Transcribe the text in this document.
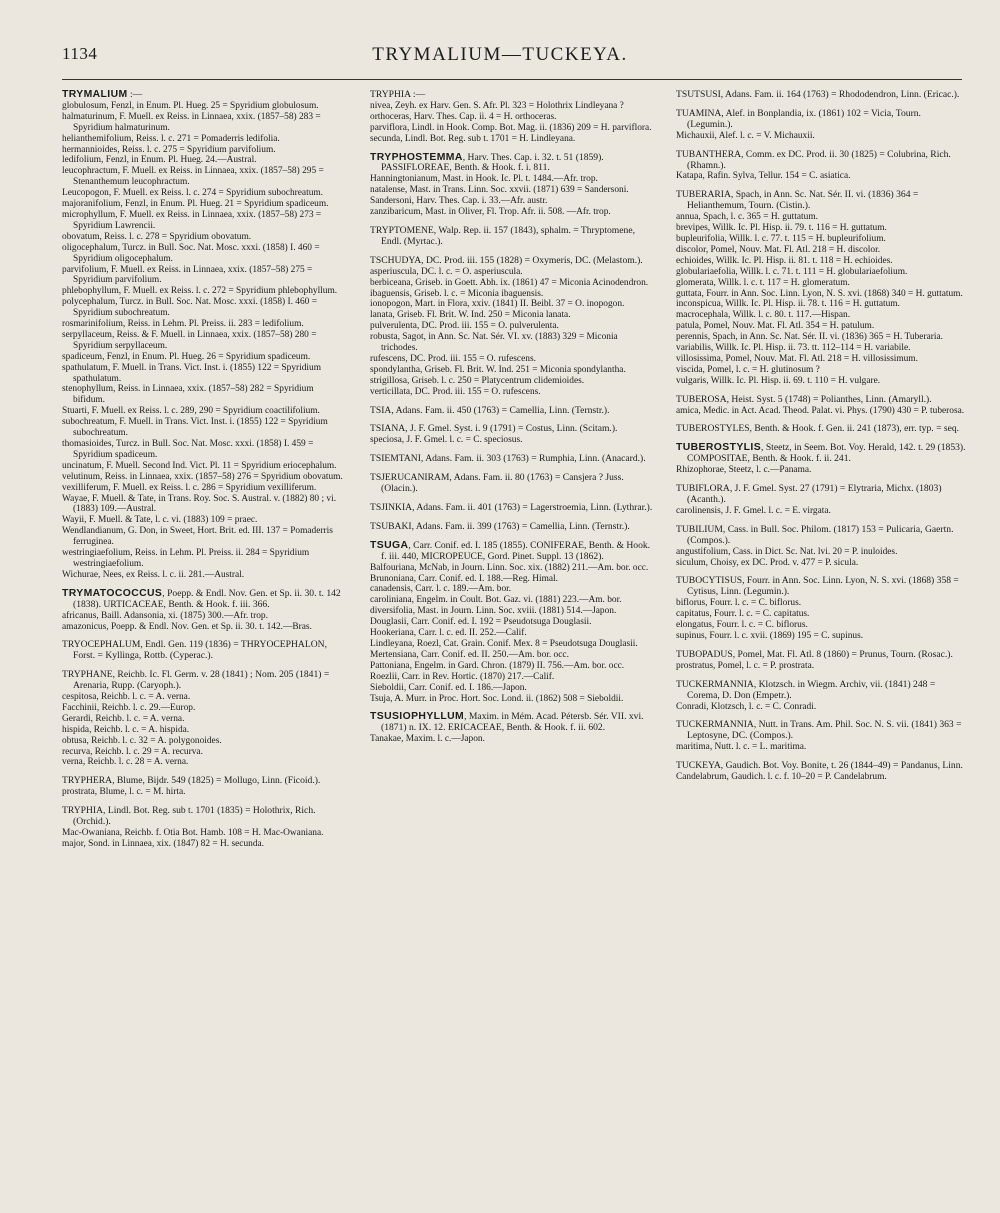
1134	TRYMALIUM—TUCKEYA.

TRYMALIUM :—

globulosum, Fenzl, in Enum. Pl. Hueg. 25 = Spyridium globulosum.

halmaturinum, F. Muell. ex Reiss. in Linnaea, xxix. (1857–58) 283 = Spyridium halmaturinum.

helianthemifolium, Reiss. l. c. 271 = Pomaderris ledifolia.

hermannioides, Reiss. l. c. 275 = Spyridium parvifolium.

ledifolium, Fenzl, in Enum. Pl. Hueg. 24.—Austral.

leucophractum, F. Muell. ex Reiss. in Linnaea, xxix. (1857–58) 295 = Stenanthemum leucophractum.

Leucopogon, F. Muell. ex Reiss. l. c. 274 = Spyridium subochreatum.

majoranifolium, Fenzl, in Enum. Pl. Hueg. 21 = Spyridium spadiceum.

microphyllum, F. Muell. ex Reiss. in Linnaea, xxix. (1857–58) 273 = Spyridium Lawrencii.

obovatum, Reiss. l. c. 278 = Spyridium obovatum.

oligocephalum, Turcz. in Bull. Soc. Nat. Mosc. xxxi. (1858) I. 460 = Spyridium oligocephalum.

parvifolium, F. Muell. ex Reiss. in Linnaea, xxix. (1857–58) 275 = Spyridium parvifolium.

phlebophyllum, F. Muell. ex Reiss. l. c. 272 = Spyridium phlebophyllum.

polycephalum, Turcz. in Bull. Soc. Nat. Mosc. xxxi. (1858) I. 460 = Spyridium subochreatum.

rosmarinifolium, Reiss. in Lehm. Pl. Preiss. ii. 283 = ledifolium.

serpyllaceum, Reiss. & F. Muell. in Linnaea, xxix. (1857–58) 280 = Spyridium serpyllaceum.

spadiceum, Fenzl, in Enum. Pl. Hueg. 26 = Spyridium spadiceum.

spathulatum, F. Muell. in Trans. Vict. Inst. i. (1855) 122 = Spyridium spathulatum.

stenophyllum, Reiss. in Linnaea, xxix. (1857–58) 282 = Spyridium bifidum.

Stuarti, F. Muell. ex Reiss. l. c. 289, 290 = Spyridium coactilifolium.

subochreatum, F. Muell. in Trans. Vict. Inst. i. (1855) 122 = Spyridium subochreatum.

thomasioides, Turcz. in Bull. Soc. Nat. Mosc. xxxi. (1858) I. 459 = Spyridium spadiceum.

uncinatum, F. Muell. Second Ind. Vict. Pl. 11 = Spyridium eriocephalum.

velutinum, Reiss. in Linnaea, xxix. (1857–58) 276 = Spyridium obovatum.

vexilliferum, F. Muell. ex Reiss. l. c. 286 = Spyridium vexilliferum.

Wayae, F. Muell. & Tate, in Trans. Roy. Soc. S. Austral. v. (1882) 80 ; vi. (1883) 109.—Austral.

Wayii, F. Muell. & Tate, l. c. vi. (1883) 109 = praec.

Wendlandianum, G. Don, in Sweet, Hort. Brit. ed. III. 137 = Pomaderris ferruginea.

westringiaefolium, Reiss. in Lehm. Pl. Preiss. ii. 284 = Spyridium westringiaefolium.

Wichurae, Nees, ex Reiss. l. c. ii. 281.—Austral.

TRYMATOCOCCUS, Poepp. & Endl. Nov. Gen. et Sp. ii. 30. t. 142 (1838). URTICACEAE, Benth. & Hook. f. iii. 366.

africanus, Baill. Adansonia, xi. (1875) 300.—Afr. trop.

amazonicus, Poepp. & Endl. Nov. Gen. et Sp. ii. 30. t. 142.—Bras.

TRYOCEPHALUM, Endl. Gen. 119 (1836) = THRYOCEPHALON, Forst. = Kyllinga, Rottb. (Cyperac.).

TRYPHANE, Reichb. Ic. Fl. Germ. v. 28 (1841) ; Nom. 205 (1841) = Arenaria, Rupp. (Caryoph.).

cespitosa, Reichb. l. c. = A. verna.

Facchinii, Reichb. l. c. 29.—Europ.

Gerardi, Reichb. l. c. = A. verna.

hispida, Reichb. l. c. = A. hispida.

obtusa, Reichb. l. c. 32 = A. polygonoides.

recurva, Reichb. l. c. 29 = A. recurva.

verna, Reichb. l. c. 28 = A. verna.

TRYPHERA, Blume, Bijdr. 549 (1825) = Mollugo, Linn. (Ficoid.).

prostrata, Blume, l. c. = M. hirta.

TRYPHIA, Lindl. Bot. Reg. sub t. 1701 (1835) = Holothrix, Rich. (Orchid.).

Mac-Owaniana, Reichb. f. Otia Bot. Hamb. 108 = H. Mac-Owaniana.

major, Sond. in Linnaea, xix. (1847) 82 = H. secunda.

TRYPHIA :—

nivea, Zeyh. ex Harv. Gen. S. Afr. Pl. 323 = Holothrix Lindleyana ?

orthoceras, Harv. Thes. Cap. ii. 4 = H. orthoceras.

parviflora, Lindl. in Hook. Comp. Bot. Mag. ii. (1836) 209 = H. parviflora.

secunda, Lindl. Bot. Reg. sub t. 1701 = H. Lindleyana.

TRYPHOSTEMMA, Harv. Thes. Cap. i. 32. t. 51 (1859). PASSIFLOREAE, Benth. & Hook. f. i. 811.

Hanningtonianum, Mast. in Hook. Ic. Pl. t. 1484.—Afr. trop.

natalense, Mast. in Trans. Linn. Soc. xxvii. (1871) 639 = Sandersoni.

Sandersoni, Harv. Thes. Cap. i. 33.—Afr. austr.

zanzibaricum, Mast. in Oliver, Fl. Trop. Afr. ii. 508. —Afr. trop.

TRYPTOMENE, Walp. Rep. ii. 157 (1843), sphalm. = Thryptomene, Endl. (Myrtac.).

TSCHUDYA, DC. Prod. iii. 155 (1828) = Oxymeris, DC. (Melastom.).

asperiuscula, DC. l. c. = O. asperiuscula.

berbiceana, Griseb. in Goett. Abh. ix. (1861) 47 = Miconia Acinodendron.

ibaguensis, Griseb. l. c. = Miconia ibaguensis.

ionopogon, Mart. in Flora, xxiv. (1841) II. Beibl. 37 = O. inopogon.

lanata, Griseb. Fl. Brit. W. Ind. 250 = Miconia lanata.

pulverulenta, DC. Prod. iii. 155 = O. pulverulenta.

robusta, Sagot, in Ann. Sc. Nat. Sér. VI. xv. (1883) 329 = Miconia trichodes.

rufescens, DC. Prod. iii. 155 = O. rufescens.

spondylantha, Griseb. Fl. Brit. W. Ind. 251 = Miconia spondylantha.

strigillosa, Griseb. l. c. 250 = Platycentrum clidemioides.

verticillata, DC. Prod. iii. 155 = O. rufescens.

TSIA, Adans. Fam. ii. 450 (1763) = Camellia, Linn. (Ternstr.).

TSIANA, J. F. Gmel. Syst. i. 9 (1791) = Costus, Linn. (Scitam.).

speciosa, J. F. Gmel. l. c. = C. speciosus.

TSIEMTANI, Adans. Fam. ii. 303 (1763) = Rumphia, Linn. (Anacard.).

TSJERUCANIRAM, Adans. Fam. ii. 80 (1763) = Cansjera ? Juss. (Olacin.).

TSJINKIA, Adans. Fam. ii. 401 (1763) = Lagerstroemia, Linn. (Lythrar.).

TSUBAKI, Adans. Fam. ii. 399 (1763) = Camellia, Linn. (Ternstr.).

TSUGA, Carr. Conif. ed. I. 185 (1855). CONIFERAE, Benth. & Hook. f. iii. 440, MICROPEUCE, Gord. Pinet. Suppl. 13 (1862).

Balfouriana, McNab, in Journ. Linn. Soc. xix. (1882) 211.—Am. bor. occ.

Brunoniana, Carr. Conif. ed. I. 188.—Reg. Himal.

canadensis, Carr. l. c. 189.—Am. bor.

caroliniana, Engelm. in Coult. Bot. Gaz. vi. (1881) 223.—Am. bor.

diversifolia, Mast. in Journ. Linn. Soc. xviii. (1881) 514.—Japon.

Douglasii, Carr. Conif. ed. I. 192 = Pseudotsuga Douglasii.

Hookeriana, Carr. l. c. ed. II. 252.—Calif.

Lindleyana, Roezl, Cat. Grain. Conif. Mex. 8 = Pseudotsuga Douglasii.

Mertensiana, Carr. Conif. ed. II. 250.—Am. bor. occ.

Pattoniana, Engelm. in Gard. Chron. (1879) II. 756.—Am. bor. occ.

Roezlii, Carr. in Rev. Hortic. (1870) 217.—Calif.

Sieboldii, Carr. Conif. ed. I. 186.—Japon.

Tsuja, A. Murr. in Proc. Hort. Soc. Lond. ii. (1862) 508 = Sieboldii.

TSUSIOPHYLLUM, Maxim. in Mém. Acad. Pétersb. Sér. VII. xvi. (1871) n. IX. 12. ERICACEAE, Benth. & Hook. f. ii. 602.

Tanakae, Maxim. l. c.—Japon.

TSUTSUSI, Adans. Fam. ii. 164 (1763) = Rhododendron, Linn. (Ericac.).

TUAMINA, Alef. in Bonplandia, ix. (1861) 102 = Vicia, Tourn. (Legumin.).

Michauxii, Alef. l. c. = V. Michauxii.

TUBANTHERA, Comm. ex DC. Prod. ii. 30 (1825) = Colubrina, Rich. (Rhamn.).

Katapa, Rafin. Sylva, Tellur. 154 = C. asiatica.

TUBERARIA, Spach, in Ann. Sc. Nat. Sér. II. vi. (1836) 364 = Helianthemum, Tourn. (Cistin.).

annua, Spach, l. c. 365 = H. guttatum.

brevipes, Willk. Ic. Pl. Hisp. ii. 79. t. 116 = H. guttatum.

bupleurifolia, Willk. l. c. 77. t. 115 = H. bupleurifolium.

discolor, Pomel, Nouv. Mat. Fl. Atl. 218 = H. discolor.

echioides, Willk. Ic. Pl. Hisp. ii. 81. t. 118 = H. echioides.

globulariaefolia, Willk. l. c. 71. t. 111 = H. globulariaefolium.

glomerata, Willk. l. c. t. 117 = H. glomeratum.

guttata, Fourr. in Ann. Soc. Linn. Lyon, N. S. xvi. (1868) 340 = H. guttatum.

inconspicua, Willk. Ic. Pl. Hisp. ii. 78. t. 116 = H. guttatum.

macrocephala, Willk. l. c. 80. t. 117.—Hispan.

patula, Pomel, Nouv. Mat. Fl. Atl. 354 = H. patulum.

perennis, Spach, in Ann. Sc. Nat. Sér. II. vi. (1836) 365 = H. Tuberaria.

variabilis, Willk. Ic. Pl. Hisp. ii. 73. tt. 112–114 = H. variabile.

villosissima, Pomel, Nouv. Mat. Fl. Atl. 218 = H. villosissimum.

viscida, Pomel, l. c. = H. glutinosum ?

vulgaris, Willk. Ic. Pl. Hisp. ii. 69. t. 110 = H. vulgare.

TUBEROSA, Heist. Syst. 5 (1748) = Polianthes, Linn. (Amaryll.).

amica, Medic. in Act. Acad. Theod. Palat. vi. Phys. (1790) 430 = P. tuberosa.

TUBEROSTYLES, Benth. & Hook. f. Gen. ii. 241 (1873), err. typ. = seq.

TUBEROSTYLIS, Steetz, in Seem. Bot. Voy. Herald, 142. t. 29 (1853). COMPOSITAE, Benth. & Hook. f. ii. 241.

Rhizophorae, Steetz, l. c.—Panama.

TUBIFLORA, J. F. Gmel. Syst. 27 (1791) = Elytraria, Michx. (1803) (Acanth.).

carolinensis, J. F. Gmel. l. c. = E. virgata.

TUBILIUM, Cass. in Bull. Soc. Philom. (1817) 153 = Pulicaria, Gaertn. (Compos.).

angustifolium, Cass. in Dict. Sc. Nat. lvi. 20 = P. inuloides.

siculum, Choisy, ex DC. Prod. v. 477 = P. sicula.

TUBOCYTISUS, Fourr. in Ann. Soc. Linn. Lyon, N. S. xvi. (1868) 358 = Cytisus, Linn. (Legumin.).

biflorus, Fourr. l. c. = C. biflorus.

capitatus, Fourr. l. c. = C. capitatus.

elongatus, Fourr. l. c. = C. biflorus.

supinus, Fourr. l. c. xvii. (1869) 195 = C. supinus.

TUBOPADUS, Pomel, Mat. Fl. Atl. 8 (1860) = Prunus, Tourn. (Rosac.).

prostratus, Pomel, l. c. = P. prostrata.

TUCKERMANNIA, Klotzsch. in Wiegm. Archiv, vii. (1841) 248 = Corema, D. Don (Empetr.).

Conradi, Klotzsch, l. c. = C. Conradi.

TUCKERMANNIA, Nutt. in Trans. Am. Phil. Soc. N. S. vii. (1841) 363 = Leptosyne, DC. (Compos.).

maritima, Nutt. l. c. = L. maritima.

TUCKEYA, Gaudich. Bot. Voy. Bonite, t. 26 (1844–49) = Pandanus, Linn.

Candelabrum, Gaudich. l. c. f. 10–20 = P. Candelabrum.
